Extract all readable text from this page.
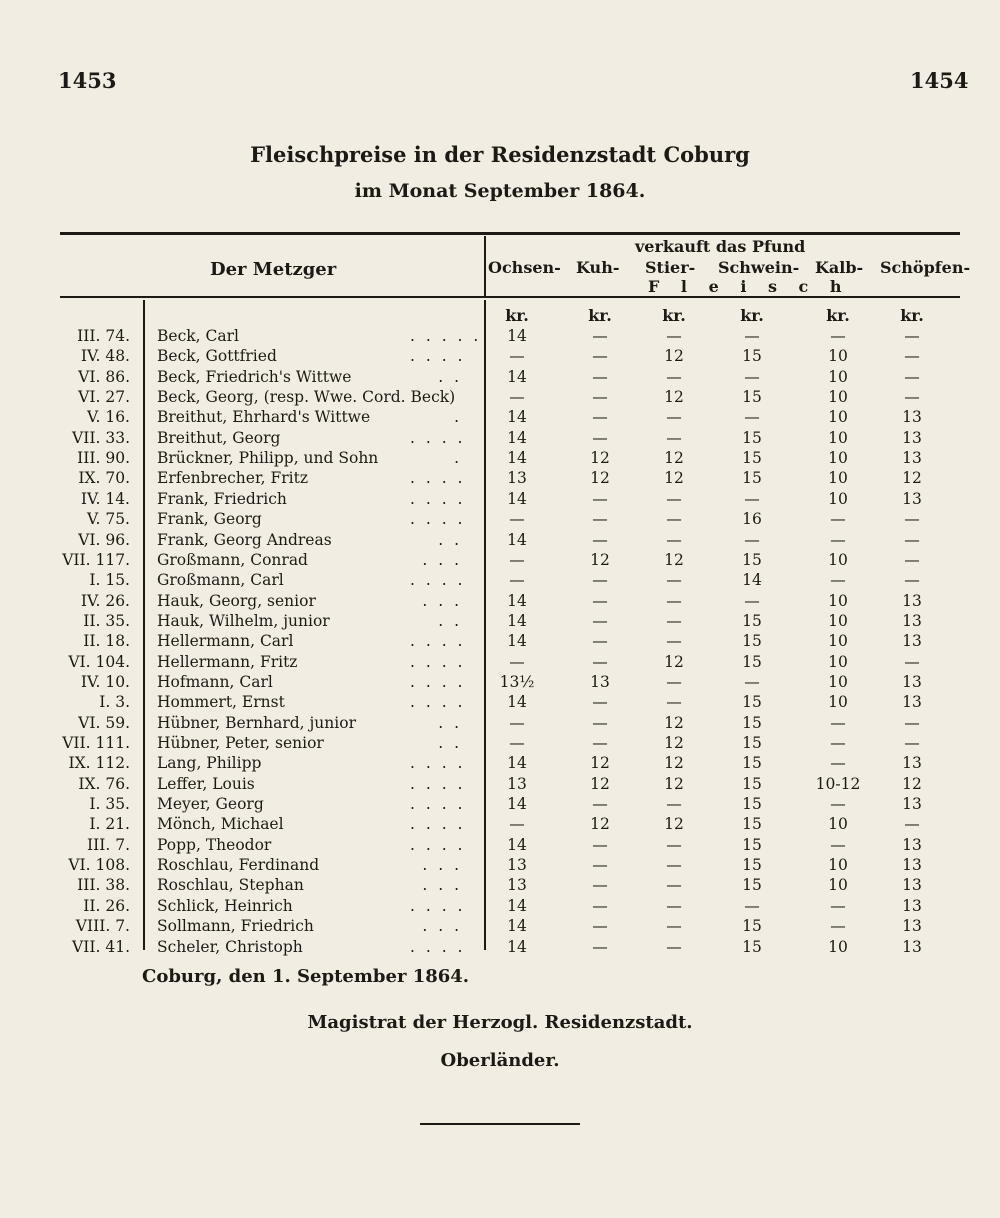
1453	1454
Fleischpreise in der Residenzstadt Coburg
im Monat September 1864.
Der Metzger
verkauft das Pfund
Ochsen- Kuh- Stier- Schwein- Kalb- Schöpfen-
F l e i s c h
kr.	kr.	kr.	kr.	kr.	kr.
III. 74. Beck, Carl	. . . . .	14	—	—	—	—	—
IV. 48. Beck, Gottfried	. . . .	—	—	12	15	10	—
VI. 86. Beck, Friedrich's Wittwe	. .	14	—	—	—	10	—
VI. 27. Beck, Georg, (resp. Wwe. Cord. Beck)	—	—	12	15	10	—
V. 16. Breithut, Ehrhard's Wittwe	.	14	—	—	—	10	13
VII. 33. Breithut, Georg	. . . .	14	—	—	15	10	13
III. 90. Brückner, Philipp, und Sohn	.	14	12	12	15	10	13
IX. 70. Erfenbrecher, Fritz	. . . .	13	12	12	15	10	12
IV. 14. Frank, Friedrich	. . . .	14	—	—	—	10	13
V. 75. Frank, Georg	. . . .	—	—	—	16	—	—
VI. 96. Frank, Georg Andreas	. .	14	—	—	—	—	—
VII. 117. Großmann, Conrad	. . .	—	12	12	15	10	—
I. 15. Großmann, Carl	. . . .	—	—	—	14	—	—
IV. 26. Hauk, Georg, senior	. . .	14	—	—	—	10	13
II. 35. Hauk, Wilhelm, junior	. .	14	—	—	15	10	13
II. 18. Hellermann, Carl	. . . .	14	—	—	15	10	13
VI. 104. Hellermann, Fritz	. . . .	—	—	12	15	10	—
IV. 10. Hofmann, Carl	. . . .	13½	13	—	—	10	13
I. 3. Hommert, Ernst	. . . .	14	—	—	15	10	13
VI. 59. Hübner, Bernhard, junior	. .	—	—	12	15	—	—
VII. 111. Hübner, Peter, senior	. .	—	—	12	15	—	—
IX. 112. Lang, Philipp	. . . .	14	12	12	15	—	13
IX. 76. Leffer, Louis	. . . .	13	12	12	15	10-12	12
I. 35. Meyer, Georg	. . . .	14	—	—	15	—	13
I. 21. Mönch, Michael	. . . .	—	12	12	15	10	—
III. 7. Popp, Theodor	. . . .	14	—	—	15	—	13
VI. 108. Roschlau, Ferdinand	. . .	13	—	—	15	10	13
III. 38. Roschlau, Stephan	. . .	13	—	—	15	10	13
II. 26. Schlick, Heinrich	. . . .	14	—	—	—	—	13
VIII. 7. Sollmann, Friedrich	. . .	14	—	—	15	—	13
VII. 41. Scheler, Christoph	. . . .	14	—	—	15	10	13
Coburg, den 1. September 1864.
Magistrat der Herzogl. Residenzstadt.
Oberländer.
